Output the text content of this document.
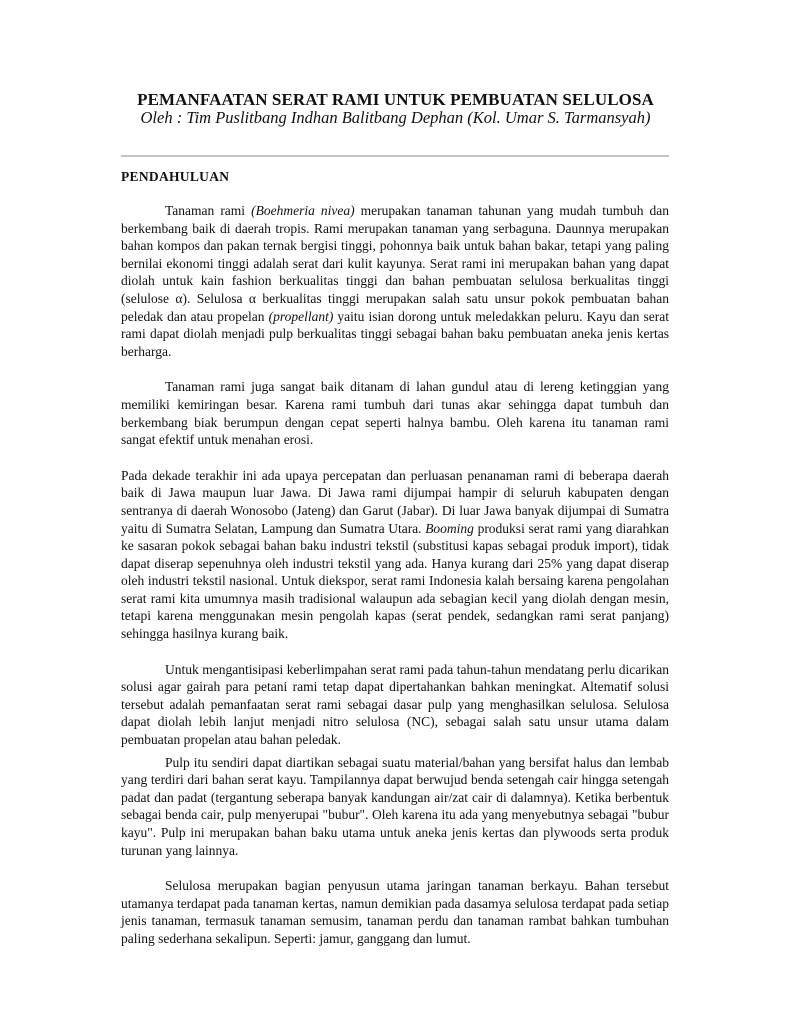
PEMANFAATAN SERAT RAMI UNTUK PEMBUATAN SELULOSA

Oleh : Tim Puslitbang Indhan Balitbang Dephan (Kol. Umar S. Tarmansyah)

PENDAHULUAN

Tanaman rami (Boehmeria nivea) merupakan tanaman tahunan yang mudah tumbuh dan berkembang baik di daerah tropis. Rami merupakan tanaman yang serbaguna. Daunnya merupakan bahan kompos dan pakan ternak bergisi tinggi, pohonnya baik untuk bahan bakar, tetapi yang paling bernilai ekonomi tinggi adalah serat dari kulit kayunya. Serat rami ini merupakan bahan yang dapat diolah untuk kain fashion berkualitas tinggi dan bahan pembuatan selulosa berkualitas tinggi (selulose α). Selulosa α berkualitas tinggi merupakan salah satu unsur pokok pembuatan bahan peledak dan atau propelan (propellant) yaitu isian dorong untuk meledakkan peluru. Kayu dan serat rami dapat diolah menjadi pulp berkualitas tinggi sebagai bahan baku pembuatan aneka jenis kertas berharga.

Tanaman rami juga sangat baik ditanam di lahan gundul atau di lereng ketinggian yang memiliki kemiringan besar. Karena rami tumbuh dari tunas akar sehingga dapat tumbuh dan berkembang biak berumpun dengan cepat seperti halnya bambu. Oleh karena itu tanaman rami sangat efektif untuk menahan erosi.

Pada dekade terakhir ini ada upaya percepatan dan perluasan penanaman rami di beberapa daerah baik di Jawa maupun luar Jawa. Di Jawa rami dijumpai hampir di seluruh kabupaten dengan sentranya di daerah Wonosobo (Jateng) dan Garut (Jabar). Di luar Jawa banyak dijumpai di Sumatra yaitu di Sumatra Selatan, Lampung dan Sumatra Utara. Booming produksi serat rami yang diarahkan ke sasaran pokok sebagai bahan baku industri tekstil (substitusi kapas sebagai produk import), tidak dapat diserap sepenuhnya oleh industri tekstil yang ada. Hanya kurang dari 25% yang dapat diserap oleh industri tekstil nasional. Untuk diekspor, serat rami Indonesia kalah bersaing karena pengolahan serat rami kita umumnya masih tradisional walaupun ada sebagian kecil yang diolah dengan mesin, tetapi karena menggunakan mesin pengolah kapas (serat pendek, sedangkan rami serat panjang) sehingga hasilnya kurang baik.

Untuk mengantisipasi keberlimpahan serat rami pada tahun-tahun mendatang perlu dicarikan solusi agar gairah para petani rami tetap dapat dipertahankan bahkan meningkat. Altematif solusi tersebut adalah pemanfaatan serat rami sebagai dasar pulp yang menghasilkan selulosa. Selulosa dapat diolah lebih lanjut menjadi nitro selulosa (NC), sebagai salah satu unsur utama dalam pembuatan propelan atau bahan peledak.

Pulp itu sendiri dapat diartikan sebagai suatu material/bahan yang bersifat halus dan lembab yang terdiri dari bahan serat kayu. Tampilannya dapat berwujud benda setengah cair hingga setengah padat dan padat (tergantung seberapa banyak kandungan air/zat cair di dalamnya). Ketika berbentuk sebagai benda cair, pulp menyerupai "bubur". Oleh karena itu ada yang menyebutnya sebagai "bubur kayu". Pulp ini merupakan bahan baku utama untuk aneka jenis kertas dan plywoods serta produk turunan yang lainnya.

Selulosa merupakan bagian penyusun utama jaringan tanaman berkayu. Bahan tersebut utamanya terdapat pada tanaman kertas, namun demikian pada dasamya selulosa terdapat pada setiap jenis tanaman, termasuk tanaman semusim, tanaman perdu dan tanaman rambat bahkan tumbuhan paling sederhana sekalipun. Seperti: jamur, ganggang dan lumut.
